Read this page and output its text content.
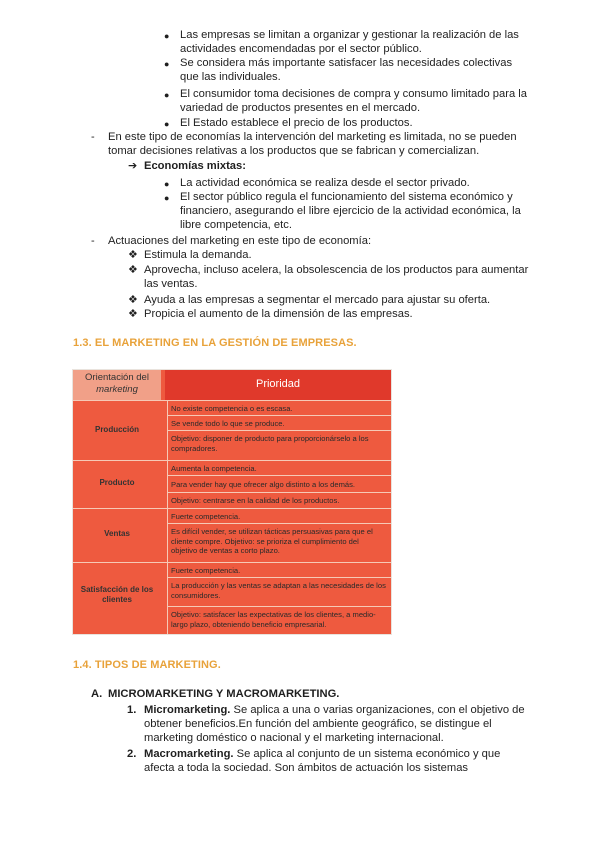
● Las empresas se limitan a organizar y gestionar la realización de las
actividades encomendadas por el sector público.
● Se considera más importante satisfacer las necesidades colectivas
que las individuales.
● El consumidor toma decisiones de compra y consumo limitado para la
variedad de productos presentes en el mercado.
● El Estado establece el precio de los productos.
- En este tipo de economías la intervención del marketing es limitada, no se pueden
tomar decisiones relativas a los productos que se fabrican y comercializan.
➔ Economías mixtas:
● La actividad económica se realiza desde el sector privado.
● El sector público regula el funcionamiento del sistema económico y
financiero, asegurando el libre ejercicio de la actividad económica, la
libre competencia, etc.
- Actuaciones del marketing en este tipo de economía:
❖ Estimula la demanda.
❖ Aprovecha, incluso acelera, la obsolescencia de los productos para aumentar
las ventas.
❖ Ayuda a las empresas a segmentar el mercado para ajustar su oferta.
❖ Propicia el aumento de la dimensión de las empresas.
1.3. EL MARKETING EN LA GESTIÓN DE EMPRESAS.
Orientación del
marketing	Prioridad
Producción
Producto
Ventas
Satisfacción de los clientes
No existe competencia o es escasa.
Se vende todo lo que se produce.
Objetivo: disponer de producto para proporcionárselo a los compradores.
Aumenta la competencia.
Para vender hay que ofrecer algo distinto a los demás.
Objetivo: centrarse en la calidad de los productos.
Fuerte competencia.
Es difícil vender, se utilizan tácticas persuasivas para que el cliente compre. Objetivo: se prioriza el cumplimiento del objetivo de ventas a corto plazo.
Fuerte competencia.
La producción y las ventas se adaptan a las necesidades de los consumidores.
Objetivo: satisfacer las expectativas de los clientes, a medio-largo plazo, obteniendo beneficio empresarial.
1.4. TIPOS DE MARKETING.
A. MICROMARKETING Y MACROMARKETING.
1. Micromarketing. Se aplica a una o varias organizaciones, con el objetivo de
obtener beneficios.En función del ambiente geográfico, se distingue el
marketing doméstico o nacional y el marketing internacional.
2. Macromarketing. Se aplica al conjunto de un sistema económico y que
afecta a toda la sociedad. Son ámbitos de actuación los sistemas
